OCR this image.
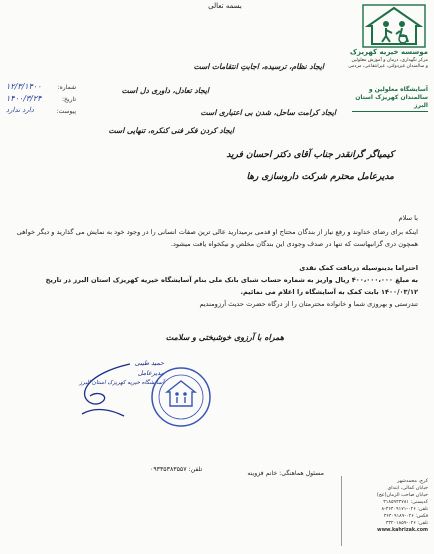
بسمه تعالی
موسسه خیریه کهریزک
مرکز نگهداری، درمان و آموزش معلولین و سالمندان غیردولتی، غیرانتفاعی، مردمی
آسایشگاه معلولین و سالمندان کهریزک استان البرز
۱۲/۳/۱۴۰۰	شماره:
۱۴۰۰/۳/۲۴	تاریخ:
دارد ندارد	پیوست:
ایجاد نظام، ترسیده، اجابتِ انتقامات است
ایجاد تعادل، داوری دل است
ایجاد کرامت ساحل، شدن بی اعتباری است
ایجاد کردن فکر فنی کنکره، تنهایی است
کیمیاگر گرانقدر جناب آقای دکتر احسان فرید
مدیرعامل محترم شرکت داروسازی رها
با سلام
اینکه برای رضای خداوند و رفع نیاز از بندگان محتاج او قدمی برمیدارید عالی ترین صفات انسانی را در وجود خود به نمایش می گذارید و دیگر خواهی همچون دری گرانبهاست که تنها در صدف وجودی این بندگان مخلص و نیکخواه یافت میشود.
احتراما بدینوسیله دریافت کمک نقدی
به مبلغ ۴۰۰،۰۰۰،۰۰۰ ریال واریز به شماره حساب شبای بانک ملی بنام آسایشگاه خیریه کهریزک استان البرز در تاریخ ۱۴۰۰/۰۳/۱۲ بابت کمک به آسایشگاه را اعلام می نمائیم.
تندرستی و بهروزی شما و خانواده محترمتان را از درگاه حضرت حدیث آرزومندیم
همراه با آرزوی خوشبختی و سلامت
حمید طیبی
مدیرعامل
آسایشگاه خیریه کهریزک استان البرز
مسئول هماهنگی: خانم فزوینه
تلفن: ۰۹۳۳۵۳۸۳۵۵۷
کرج، محمدشهر
خیابان کمالی، ابتدای
خیابان صاحب الزمان(عج)
کدپستی: ۳۱۸۵۹۴۴۷۸۱
تلفن: ۰۲۶-۳۶۴۰۹۱۷۱-۸
فکس: ۰۲۶-۳۶۴۰۹۱۸۹
تلفن: ۰۲۶-۳۳۲۰۱۸۵۹
www.kahrizak.com
